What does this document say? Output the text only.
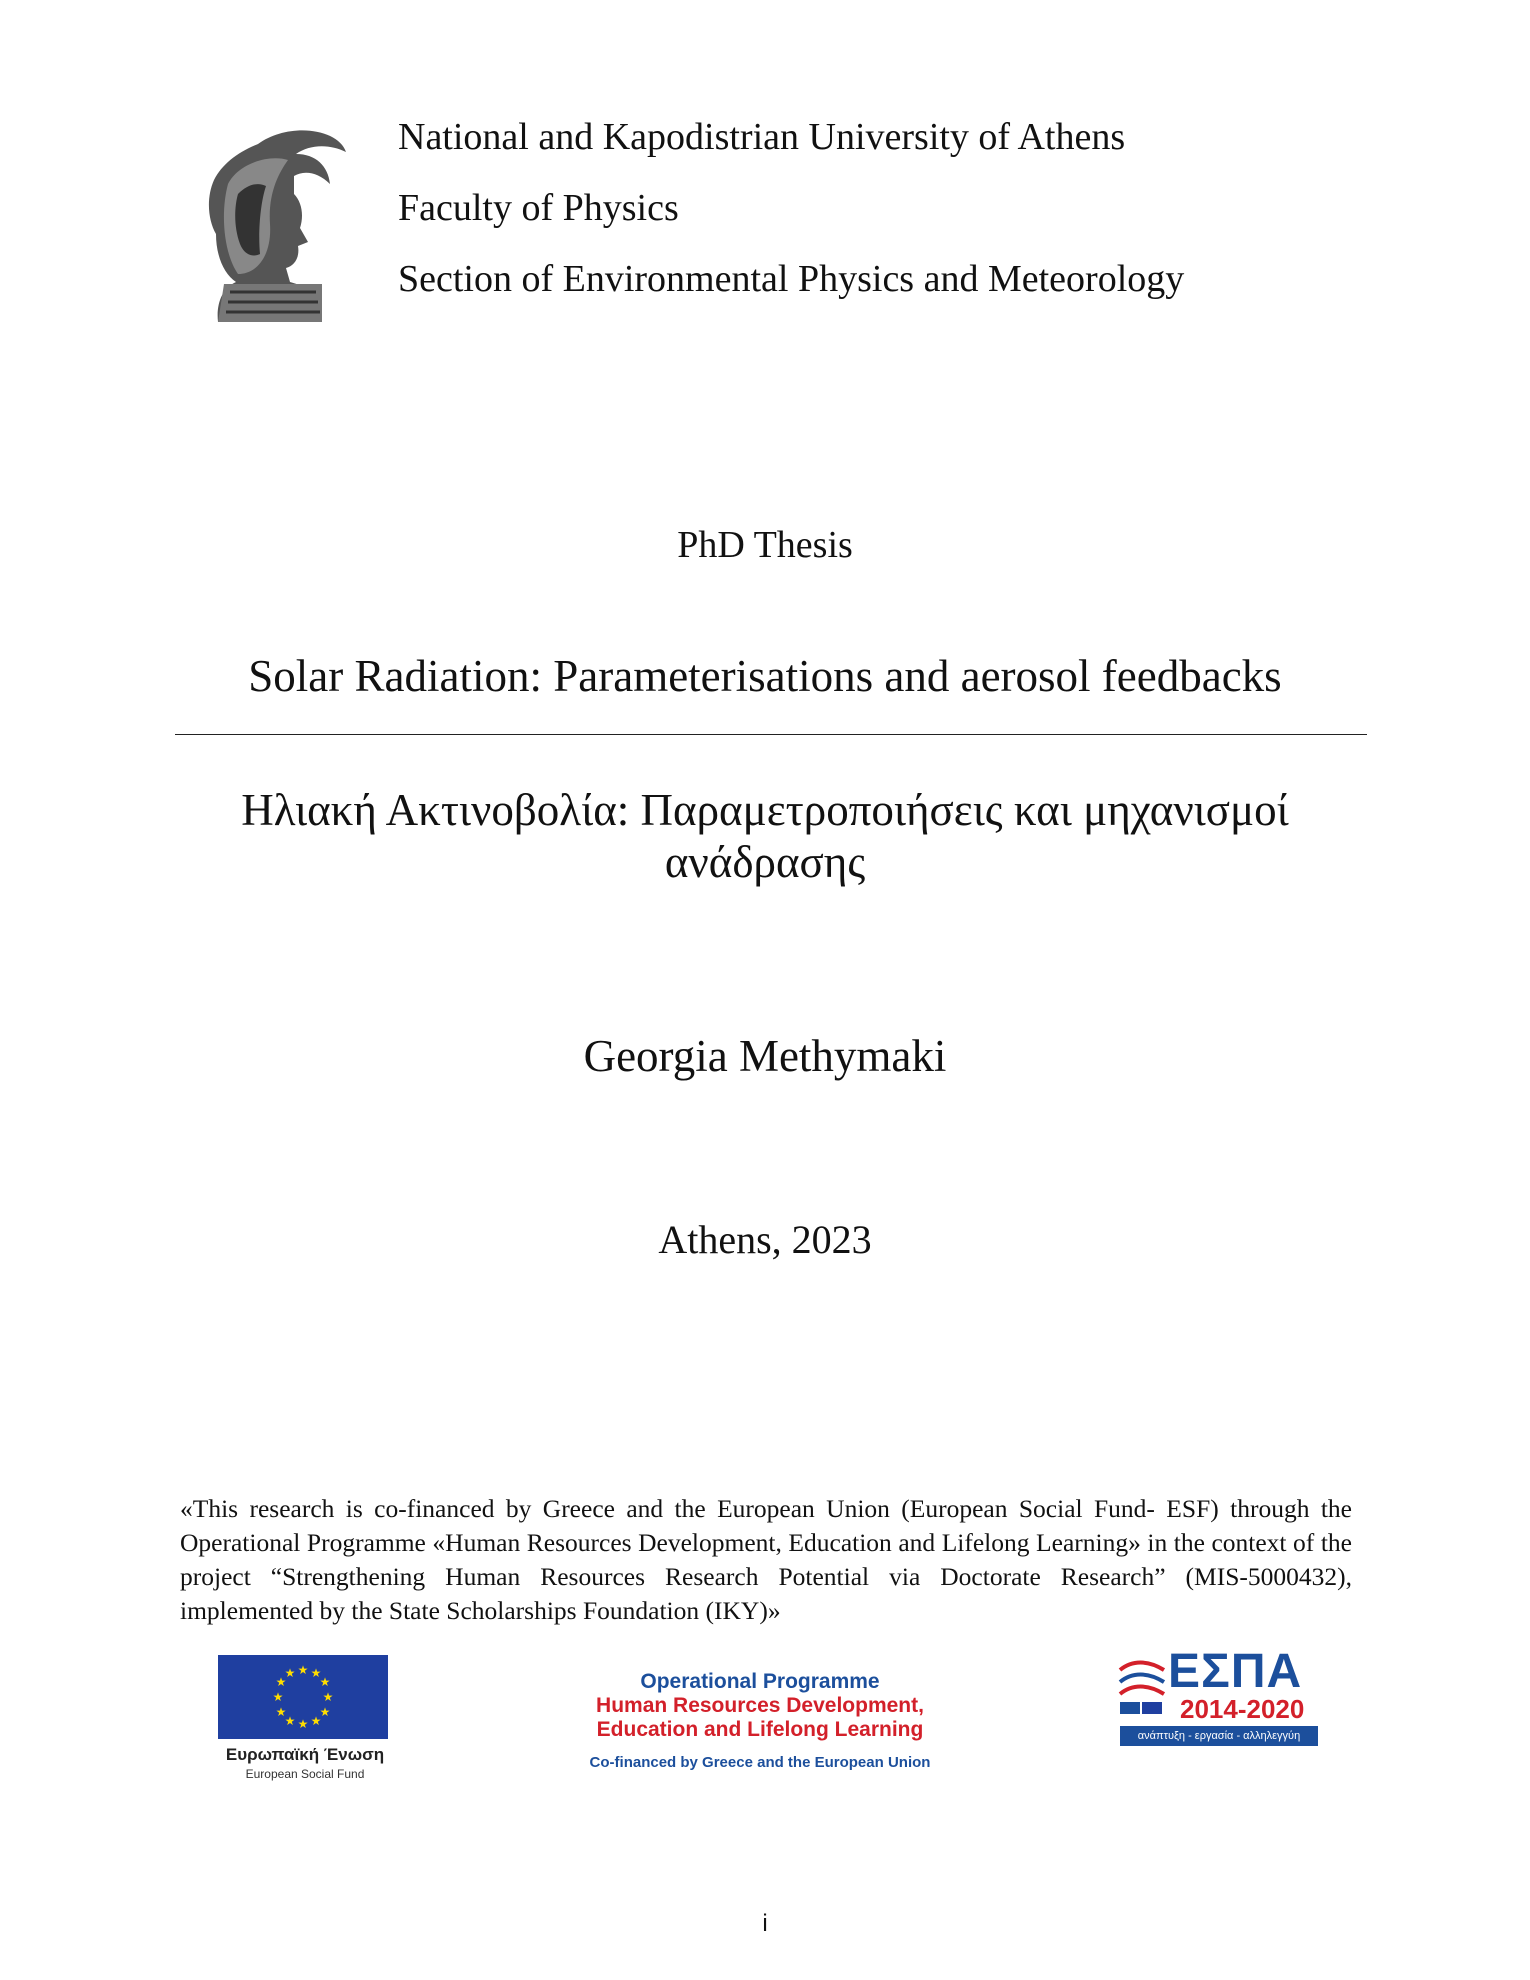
National and Kapodistrian University of Athens
Faculty of Physics
Section of Environmental Physics and Meteorology
PhD Thesis
Solar Radiation: Parameterisations and aerosol feedbacks
Ηλιακή Ακτινοβολία: Παραμετροποιήσεις και μηχανισμοί
ανάδρασης
Georgia Methymaki
Athens, 2023
«This research is co-financed by Greece and the European Union (European Social Fund- ESF) through the Operational Programme «Human Resources Development, Education and Lifelong Learning» in the context of the project “Strengthening Human Resources Research Potential via Doctorate Research” (MIS-5000432), implemented by the State Scholarships Foundation (IKY)»
★ ★
★
★
★
★
★
★
★
★
★
★
Ευρωπαϊκή Ένωση
European Social Fund
Operational Programme
Human Resources Development,
Education and Lifelong Learning
Co-financed by Greece and the European Union
ΕΣΠΑ
2014-2020
ανάπτυξη - εργασία - αλληλεγγύη
i
